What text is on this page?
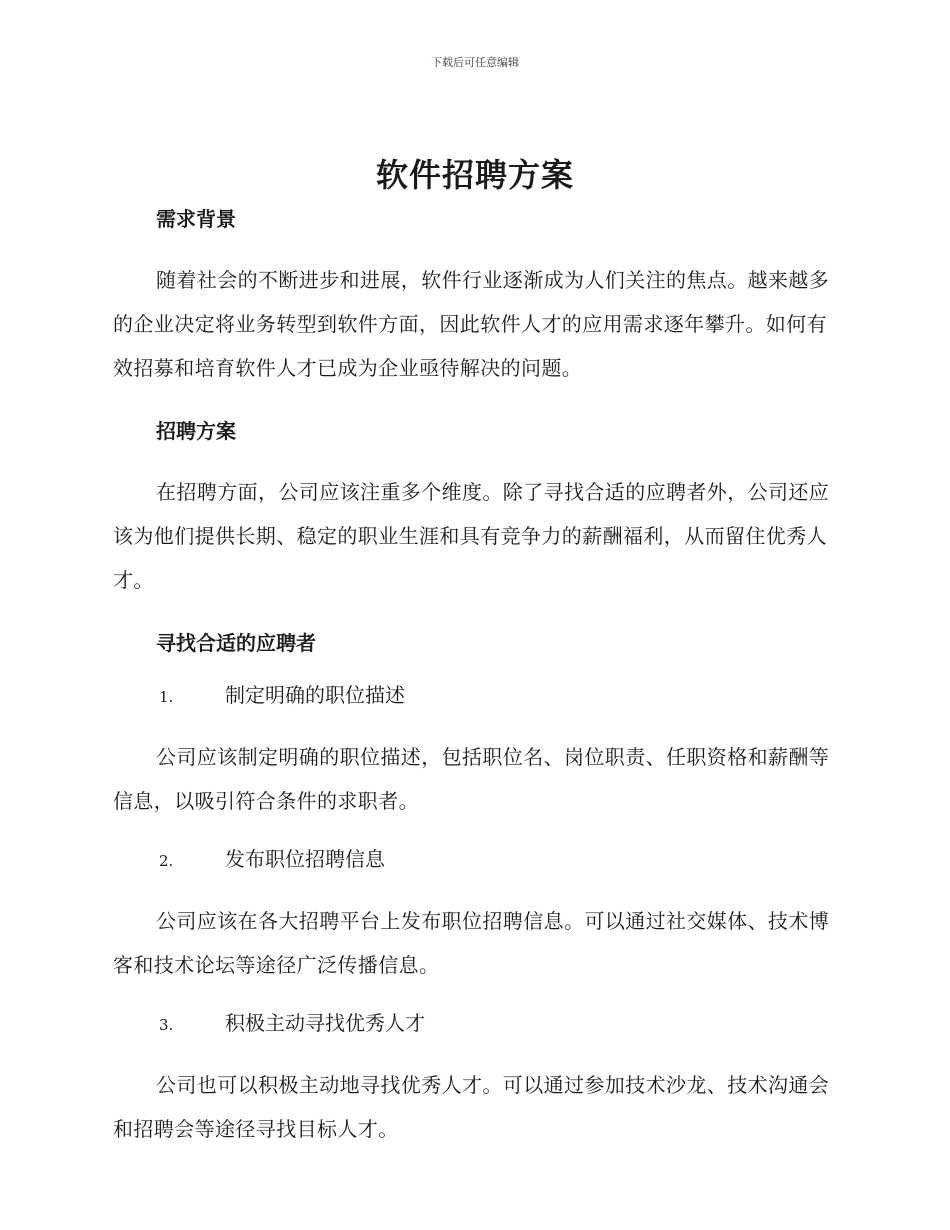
下载后可任意编辑
软件招聘方案

需求背景

随着社会的不断进步和进展，软件行业逐渐成为人们关注的焦点。越来越多的企业决定将业务转型到软件方面，因此软件人才的应用需求逐年攀升。如何有效招募和培育软件人才已成为企业亟待解决的问题。

招聘方案

在招聘方面，公司应该注重多个维度。除了寻找合适的应聘者外，公司还应该为他们提供长期、稳定的职业生涯和具有竞争力的薪酬福利，从而留住优秀人才。

寻找合适的应聘者

1.	制定明确的职位描述

公司应该制定明确的职位描述，包括职位名、岗位职责、任职资格和薪酬等信息，以吸引符合条件的求职者。

2.	发布职位招聘信息

公司应该在各大招聘平台上发布职位招聘信息。可以通过社交媒体、技术博客和技术论坛等途径广泛传播信息。

3.	积极主动寻找优秀人才

公司也可以积极主动地寻找优秀人才。可以通过参加技术沙龙、技术沟通会和招聘会等途径寻找目标人才。
